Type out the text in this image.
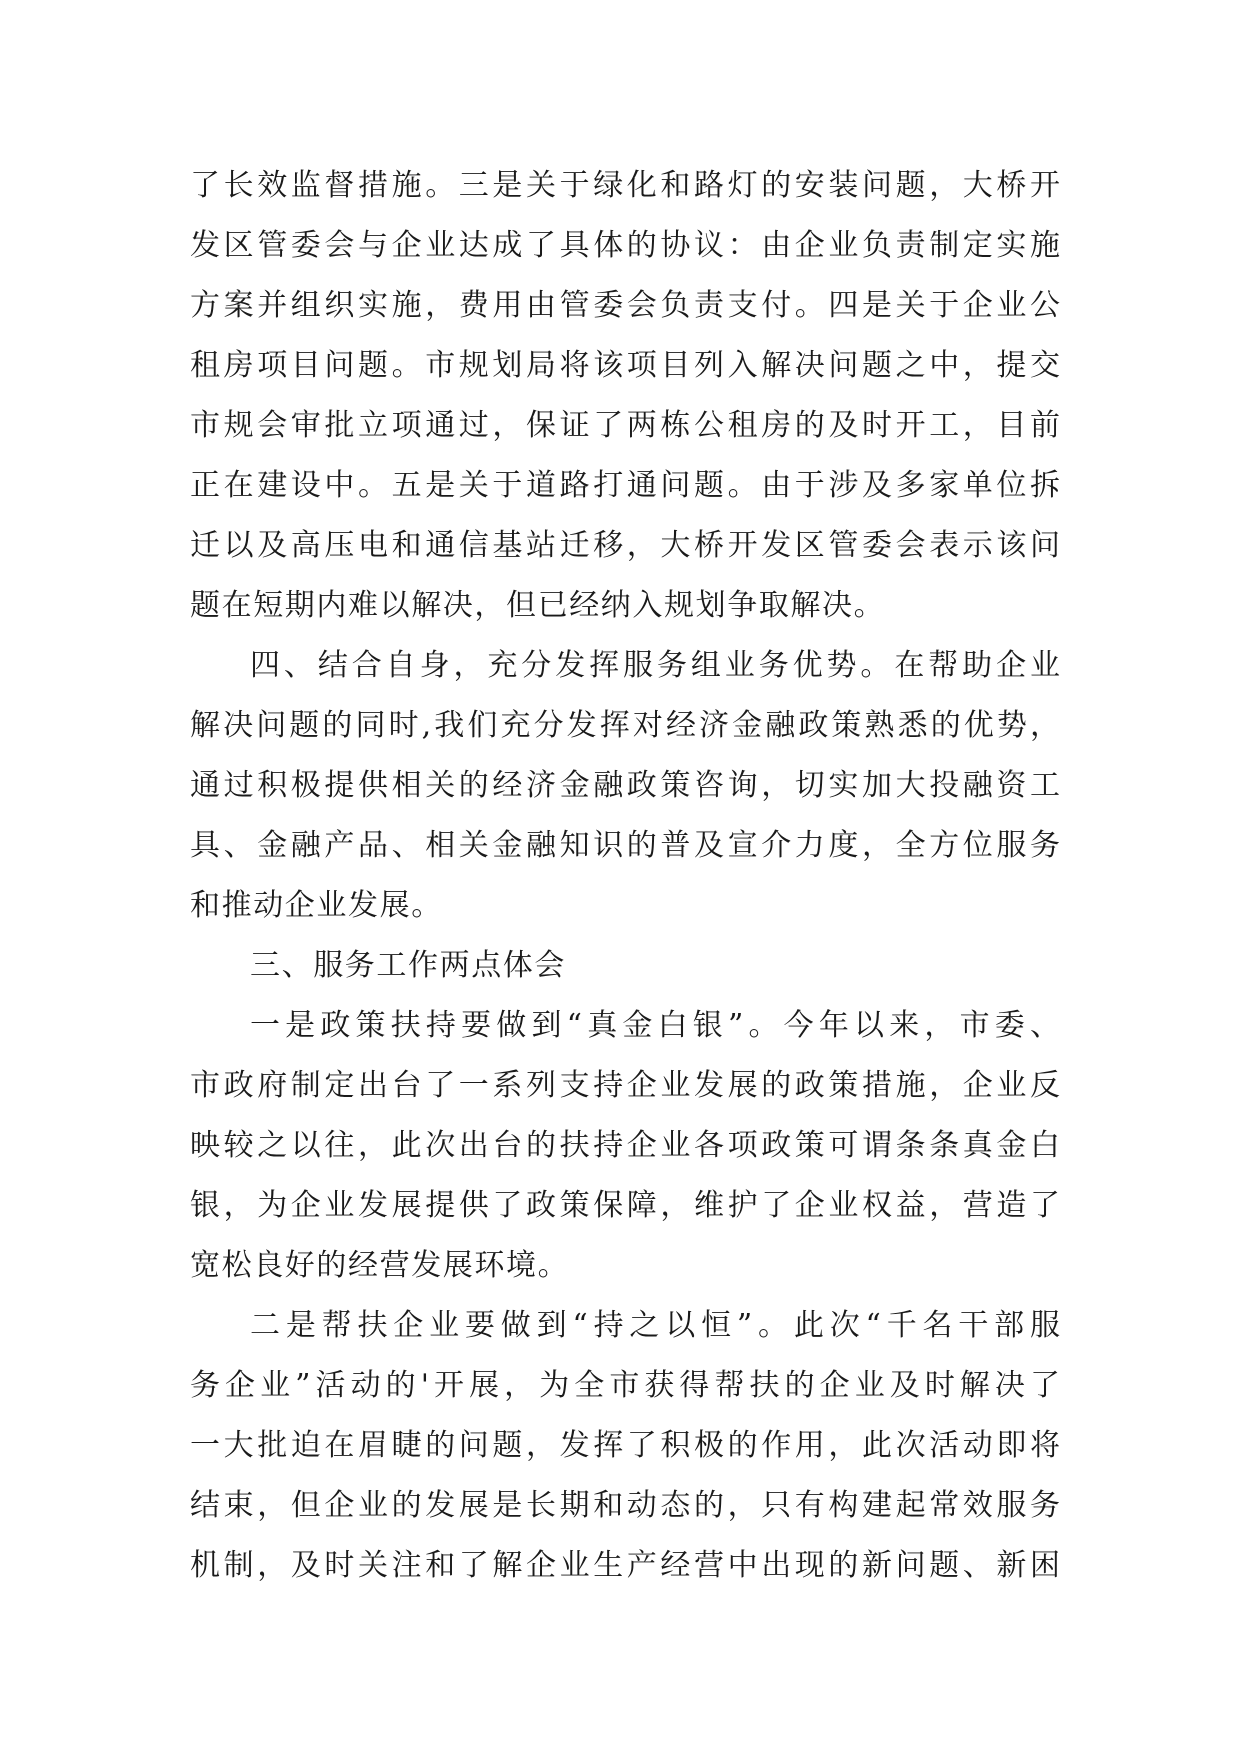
了长效监督措施。三是关于绿化和路灯的安装问题，大桥开
发区管委会与企业达成了具体的协议：由企业负责制定实施
方案并组织实施，费用由管委会负责支付。四是关于企业公
租房项目问题。市规划局将该项目列入解决问题之中，提交
市规会审批立项通过，保证了两栋公租房的及时开工，目前
正在建设中。五是关于道路打通问题。由于涉及多家单位拆
迁以及高压电和通信基站迁移，大桥开发区管委会表示该问
题在短期内难以解决，但已经纳入规划争取解决。
四、结合自身，充分发挥服务组业务优势。在帮助企业
解决问题的同时,我们充分发挥对经济金融政策熟悉的优势，
通过积极提供相关的经济金融政策咨询，切实加大投融资工
具、金融产品、相关金融知识的普及宣介力度，全方位服务
和推动企业发展。
三、服务工作两点体会
一是政策扶持要做到“真金白银”。今年以来，市委、
市政府制定出台了一系列支持企业发展的政策措施，企业反
映较之以往，此次出台的扶持企业各项政策可谓条条真金白
银，为企业发展提供了政策保障，维护了企业权益，营造了
宽松良好的经营发展环境。
二是帮扶企业要做到“持之以恒”。此次“千名干部服
务企业”活动的'开展，为全市获得帮扶的企业及时解决了
一大批迫在眉睫的问题，发挥了积极的作用，此次活动即将
结束，但企业的发展是长期和动态的，只有构建起常效服务
机制，及时关注和了解企业生产经营中出现的新问题、新困
